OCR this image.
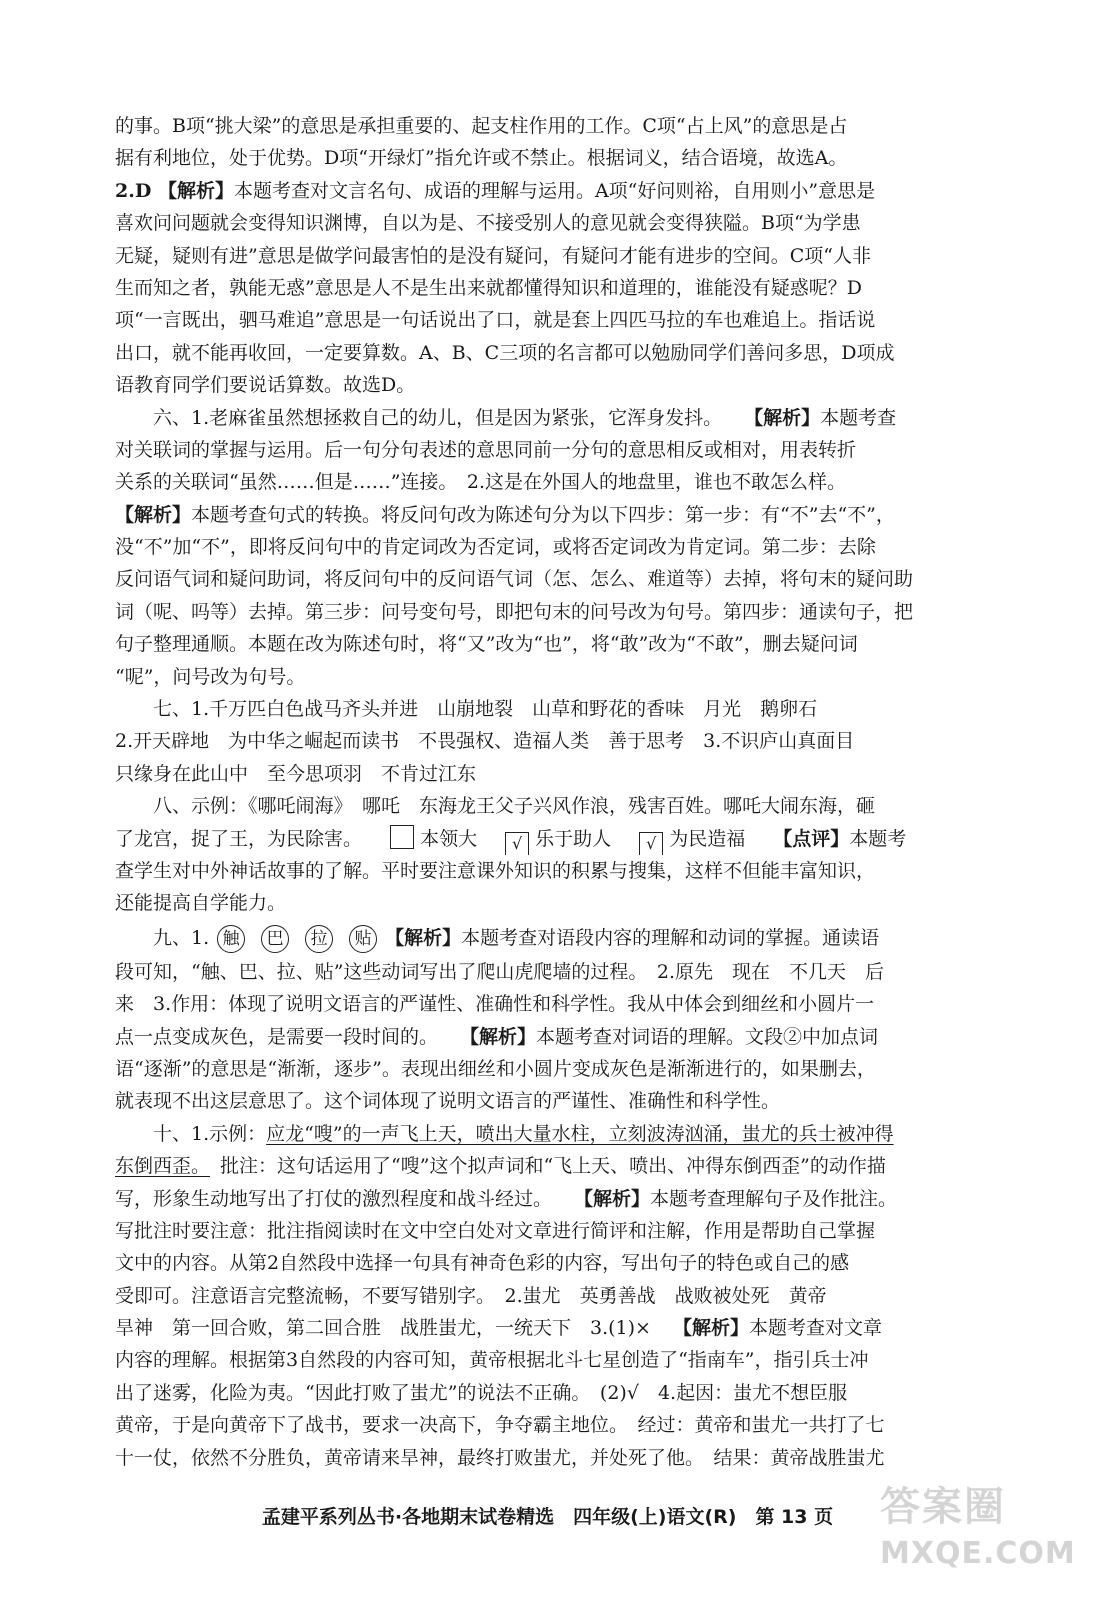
的事。B项“挑大梁”的意思是承担重要的、起支柱作用的工作。C项“占上风”的意思是占
据有利地位，处于优势。D项“开绿灯”指允许或不禁止。根据词义，结合语境，故选A。
2.D 【解析】本题考查对文言名句、成语的理解与运用。A项“好问则裕，自用则小”意思是
喜欢问问题就会变得知识渊博，自以为是、不接受别人的意见就会变得狭隘。B项“为学患
无疑，疑则有进”意思是做学问最害怕的是没有疑问，有疑问才能有进步的空间。C项“人非
生而知之者，孰能无惑”意思是人不是生出来就都懂得知识和道理的，谁能没有疑惑呢？D
项“一言既出，驷马难追”意思是一句话说出了口，就是套上四匹马拉的车也难追上。指话说
出口，就不能再收回，一定要算数。A、B、C三项的名言都可以勉励同学们善问多思，D项成
语教育同学们要说话算数。故选D。
六、1.老麻雀虽然想拯救自己的幼儿，但是因为紧张，它浑身发抖。 【解析】本题考查
对关联词的掌握与运用。后一句分句表述的意思同前一分句的意思相反或相对，用表转折
关系的关联词“虽然……但是……”连接。　2.这是在外国人的地盘里，谁也不敢怎么样。
【解析】本题考查句式的转换。将反问句改为陈述句分为以下四步：第一步：有“不”去“不”，
没“不”加“不”，即将反问句中的肯定词改为否定词，或将否定词改为肯定词。第二步：去除
反问语气词和疑问助词，将反问句中的反问语气词（怎、怎么、难道等）去掉，将句末的疑问助
词（呢、吗等）去掉。第三步：问号变句号，即把句末的问号改为句号。第四步：通读句子，把
句子整理通顺。本题在改为陈述句时，将“又”改为“也”，将“敢”改为“不敢”，删去疑问词
“呢”，问号改为句号。
七、1.千万匹白色战马齐头并进　山崩地裂　山草和野花的香味　月光　鹅卵石
2.开天辟地　为中华之崛起而读书　不畏强权、造福人类　善于思考　3.不识庐山真面目
只缘身在此山中　至今思项羽　不肯过江东
八、示例：《哪吒闹海》　哪吒　东海龙王父子兴风作浪，残害百姓。哪吒大闹东海，砸
了龙宫，捉了王，为民除害。	本领大 √ 乐于助人 √ 为民造福 【点评】本题考
查学生对中外神话故事的了解。平时要注意课外知识的积累与搜集，这样不但能丰富知识，
还能提高自学能力。
九、1. 触 巴 拉 贴 【解析】本题考查对语段内容的理解和动词的掌握。通读语
段可知，“触、巴、拉、贴”这些动词写出了爬山虎爬墙的过程。　2.原先　现在　不几天　后
来　3.作用：体现了说明文语言的严谨性、准确性和科学性。我从中体会到细丝和小圆片一
点一点变成灰色，是需要一段时间的。 【解析】本题考查对词语的理解。文段②中加点词
语“逐渐”的意思是“渐渐，逐步”。表现出细丝和小圆片变成灰色是渐渐进行的，如果删去，
就表现不出这层意思了。这个词体现了说明文语言的严谨性、准确性和科学性。
十、1.示例：应龙“嗖”的一声飞上天，喷出大量水柱，立刻波涛汹涌，蚩尤的兵士被冲得
东倒西歪。 批注：这句话运用了“嗖”这个拟声词和“飞上天、喷出、冲得东倒西歪”的动作描
写，形象生动地写出了打仗的激烈程度和战斗经过。 【解析】本题考查理解句子及作批注。
写批注时要注意：批注指阅读时在文中空白处对文章进行简评和注解，作用是帮助自己掌握
文中的内容。从第2自然段中选择一句具有神奇色彩的内容，写出句子的特色或自己的感
受即可。注意语言完整流畅，不要写错别字。　2.蚩尤　英勇善战　战败被处死　黄帝
旱神　第一回合败，第二回合胜　战胜蚩尤，一统天下　3.(1)× 【解析】本题考查对文章
内容的理解。根据第3自然段的内容可知，黄帝根据北斗七星创造了“指南车”，指引兵士冲
出了迷雾，化险为夷。“因此打败了蚩尤”的说法不正确。　(2)√　4.起因：蚩尤不想臣服
黄帝，于是向黄帝下了战书，要求一决高下，争夺霸主地位。　经过：黄帝和蚩尤一共打了七
十一仗，依然不分胜负，黄帝请来旱神，最终打败蚩尤，并处死了他。　结果：黄帝战胜蚩尤
孟建平系列丛书·各地期末试卷精选　四年级(上)语文(R)　第 13 页	答案圈
MXQE.COM
